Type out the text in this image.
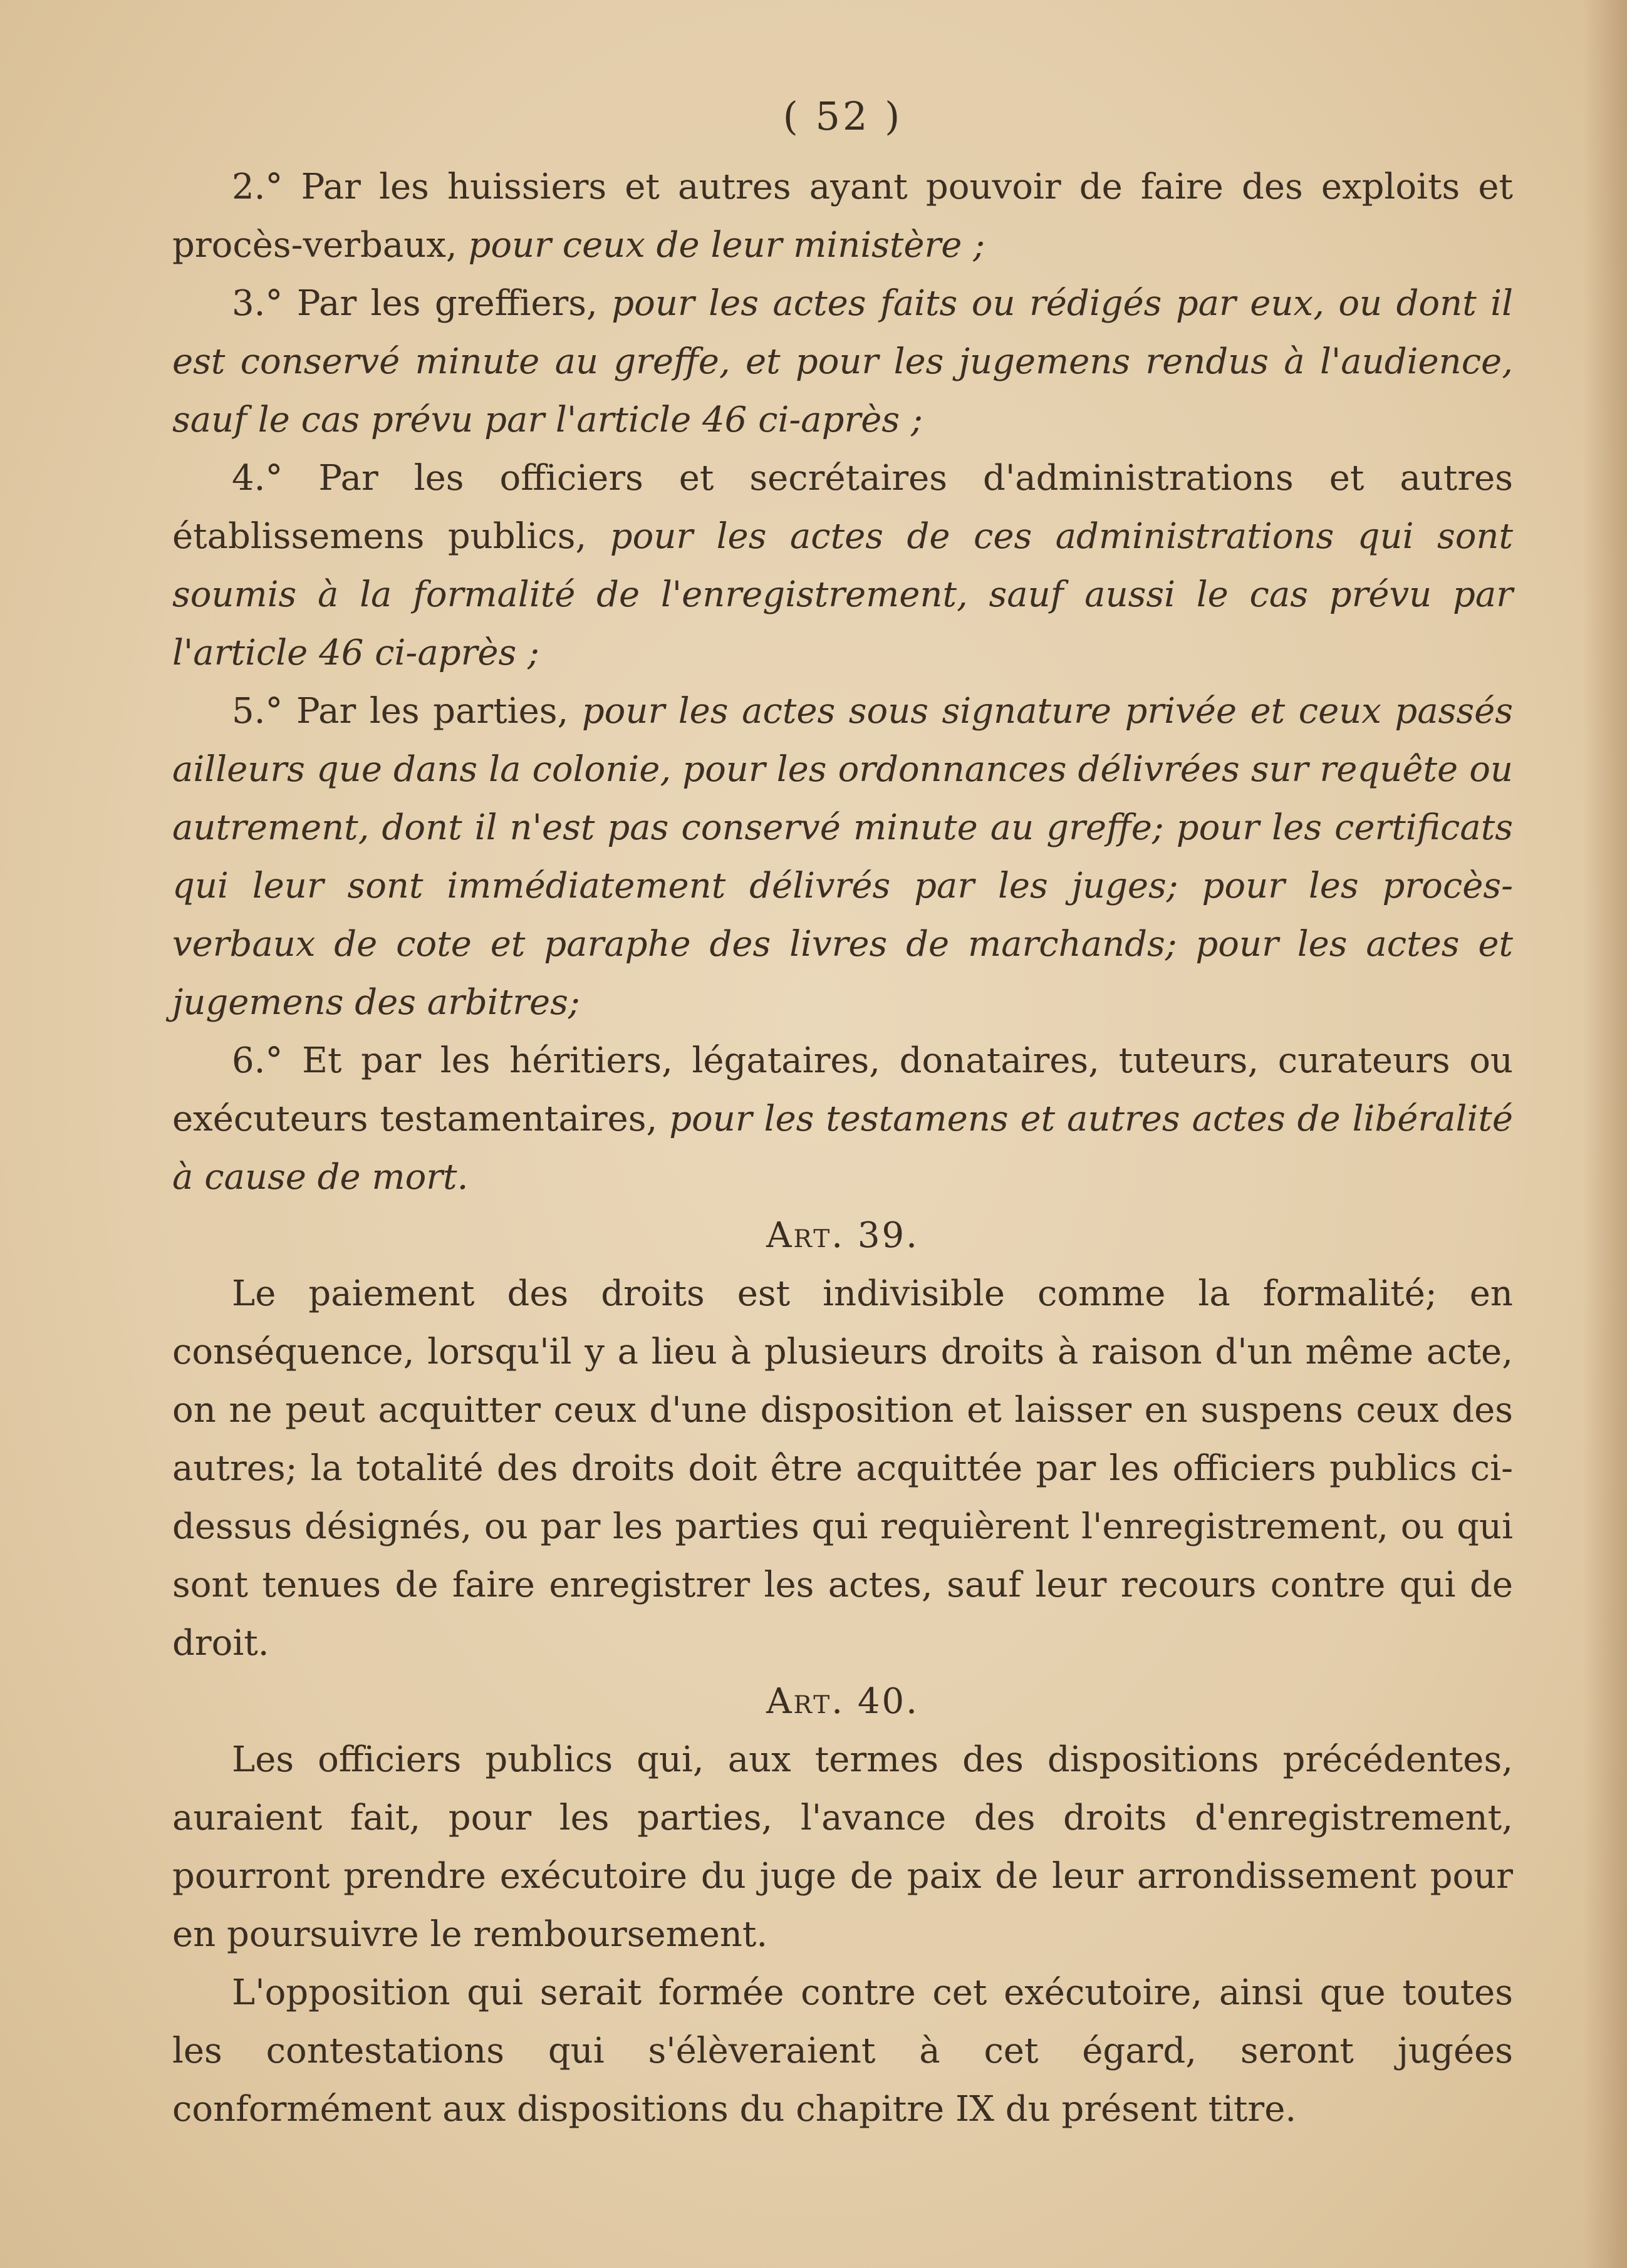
( 52 )

2.° Par les huissiers et autres ayant pouvoir de faire des exploits et procès-verbaux, pour ceux de leur ministère ;

3.° Par les greffiers, pour les actes faits ou rédigés par eux, ou dont il est conservé minute au greffe, et pour les jugemens rendus à l'audience, sauf le cas prévu par l'article 46 ci-après ;

4.° Par les officiers et secrétaires d'administrations et autres établissemens publics, pour les actes de ces administrations qui sont soumis à la formalité de l'enregistrement, sauf aussi le cas prévu par l'article 46 ci-après ;

5.° Par les parties, pour les actes sous signature privée et ceux passés ailleurs que dans la colonie, pour les ordonnances délivrées sur requête ou autrement, dont il n'est pas conservé minute au greffe; pour les certificats qui leur sont immédiatement délivrés par les juges; pour les procès-verbaux de cote et paraphe des livres de marchands; pour les actes et jugemens des arbitres;

6.° Et par les héritiers, légataires, donataires, tuteurs, curateurs ou exécuteurs testamentaires, pour les testamens et autres actes de libéralité à cause de mort.

Art. 39.

Le paiement des droits est indivisible comme la formalité; en conséquence, lorsqu'il y a lieu à plusieurs droits à raison d'un même acte, on ne peut acquitter ceux d'une disposition et laisser en suspens ceux des autres; la totalité des droits doit être acquittée par les officiers publics ci-dessus désignés, ou par les parties qui requièrent l'enregistrement, ou qui sont tenues de faire enregistrer les actes, sauf leur recours contre qui de droit.

Art. 40.

Les officiers publics qui, aux termes des dispositions précédentes, auraient fait, pour les parties, l'avance des droits d'enregistrement, pourront prendre exécutoire du juge de paix de leur arrondissement pour en poursuivre le remboursement.

L'opposition qui serait formée contre cet exécutoire, ainsi que toutes les contestations qui s'élèveraient à cet égard, seront jugées conformément aux dispositions du chapitre IX du présent titre.
